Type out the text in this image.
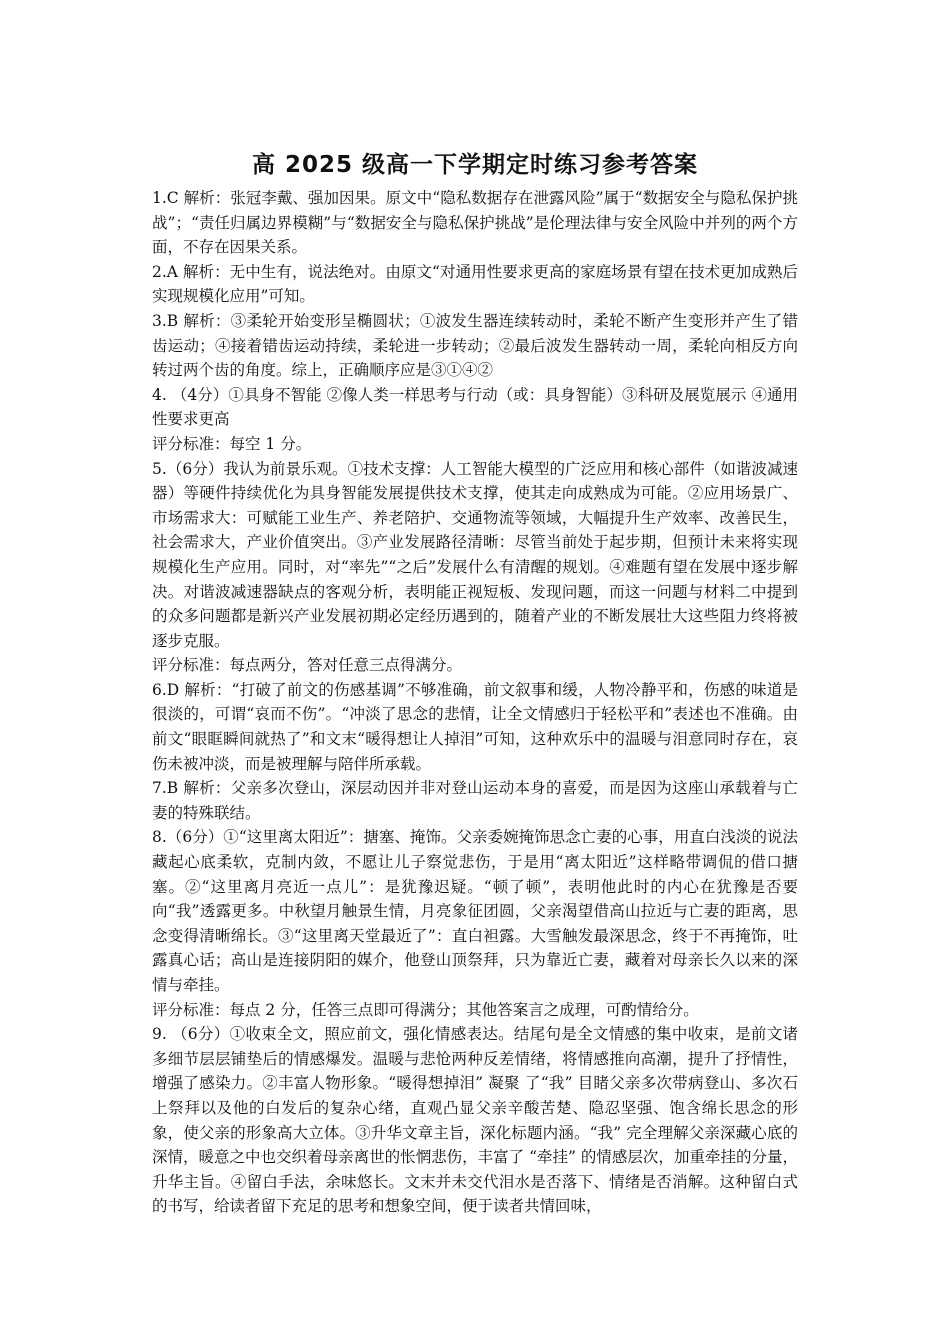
高 2025 级高一下学期定时练习参考答案

1.C 解析：张冠李戴、强加因果。原文中“隐私数据存在泄露风险”属于“数据安全与隐私保护挑战”；“责任归属边界模糊”与“数据安全与隐私保护挑战”是伦理法律与安全风险中并列的两个方面，不存在因果关系。

2.A 解析：无中生有，说法绝对。由原文“对通用性要求更高的家庭场景有望在技术更加成熟后实现规模化应用”可知。

3.B 解析：③柔轮开始变形呈椭圆状；①波发生器连续转动时，柔轮不断产生变形并产生了错齿运动；④接着错齿运动持续，柔轮进一步转动；②最后波发生器转动一周，柔轮向相反方向转过两个齿的角度。综上，正确顺序应是③①④②

4. （4分）①具身不智能 ②像人类一样思考与行动（或：具身智能）③科研及展览展示 ④通用性要求更高

评分标准：每空 1 分。

5.（6分）我认为前景乐观。①技术支撑：人工智能大模型的广泛应用和核心部件（如谐波减速器）等硬件持续优化为具身智能发展提供技术支撑，使其走向成熟成为可能。②应用场景广、市场需求大：可赋能工业生产、养老陪护、交通物流等领域，大幅提升生产效率、改善民生，社会需求大，产业价值突出。③产业发展路径清晰：尽管当前处于起步期，但预计未来将实现规模化生产应用。同时，对“率先”“之后”发展什么有清醒的规划。④难题有望在发展中逐步解决。对谐波减速器缺点的客观分析，表明能正视短板、发现问题，而这一问题与材料二中提到的众多问题都是新兴产业发展初期必定经历遇到的，随着产业的不断发展壮大这些阻力终将被逐步克服。

评分标准：每点两分，答对任意三点得满分。

6.D 解析：“打破了前文的伤感基调”不够准确，前文叙事和缓，人物冷静平和，伤感的味道是很淡的，可谓“哀而不伤”。“冲淡了思念的悲情，让全文情感归于轻松平和”表述也不准确。由前文“眼眶瞬间就热了”和文末“暖得想让人掉泪”可知，这种欢乐中的温暖与泪意同时存在，哀伤未被冲淡，而是被理解与陪伴所承载。

7.B 解析：父亲多次登山，深层动因并非对登山运动本身的喜爱，而是因为这座山承载着与亡妻的特殊联结。

8.（6分）①“这里离太阳近”：搪塞、掩饰。父亲委婉掩饰思念亡妻的心事，用直白浅淡的说法藏起心底柔软，克制内敛，不愿让儿子察觉悲伤，于是用“离太阳近”这样略带调侃的借口搪塞。②“这里离月亮近一点儿”：是犹豫迟疑。“顿了顿”，表明他此时的内心在犹豫是否要向“我”透露更多。中秋望月触景生情，月亮象征团圆，父亲渴望借高山拉近与亡妻的距离，思念变得清晰绵长。③“这里离天堂最近了”：直白袒露。大雪触发最深思念，终于不再掩饰，吐露真心话；高山是连接阴阳的媒介，他登山顶祭拜，只为靠近亡妻，藏着对母亲长久以来的深情与牵挂。

评分标准：每点 2 分，任答三点即可得满分；其他答案言之成理，可酌情给分。

9. （6分）①收束全文，照应前文，强化情感表达。结尾句是全文情感的集中收束，是前文诸多细节层层铺垫后的情感爆发。温暖与悲怆两种反差情绪，将情感推向高潮，提升了抒情性，增强了感染力。②丰富人物形象。“暖得想掉泪” 凝聚 了“我” 目睹父亲多次带病登山、多次石上祭拜以及他的白发后的复杂心绪，直观凸显父亲辛酸苦楚、隐忍坚强、饱含绵长思念的形象，使父亲的形象高大立体。③升华文章主旨，深化标题内涵。“我” 完全理解父亲深藏心底的深情，暖意之中也交织着母亲离世的怅惘悲伤，丰富了 “牵挂” 的情感层次，加重牵挂的分量，升华主旨。④留白手法，余味悠长。文末并未交代泪水是否落下、情绪是否消解。这种留白式的书写，给读者留下充足的思考和想象空间，便于读者共情回味，
